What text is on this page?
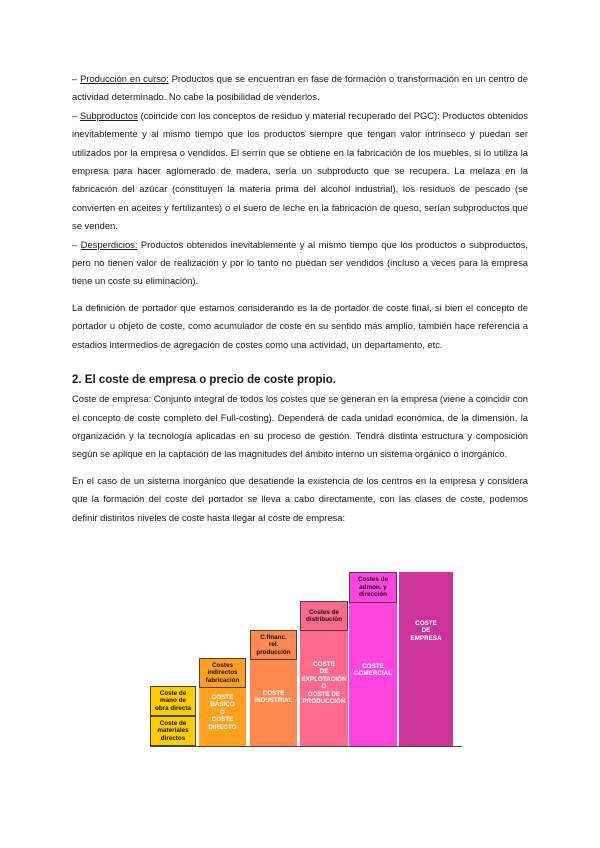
– Producción en curso: Productos que se encuentran en fase de formación o transformación en un centro de actividad determinado. No cabe la posibilidad de venderlos.

– Subproductos (coincide con los conceptos de residuo y material recuperado del PGC): Productos obtenidos inevitablemente y al mismo tiempo que los productos siempre que tengan valor intrínseco y puedan ser utilizados por la empresa o vendidos. El serrín que se obtiene en la fabricación de los muebles, si lo utiliza la empresa para hacer aglomerado de madera, sería un subproducto que se recupera. La melaza en la fabricación del azúcar (constituyen la materia prima del alcohol industrial), los residuos de pescado (se convierten en aceites y fertilizantes) o el suero de leche en la fabricación de queso, serían subproductos que se venden.

– Desperdicios: Productos obtenidos inevitablemente y al mismo tiempo que los productos o subproductos, pero no tienen valor de realización y por lo tanto no puedan ser vendidos (incluso a veces para la empresa tiene un coste su eliminación).

La definición de portador que estamos considerando es la de portador de coste final, si bien el concepto de portador u objeto de coste, como acumulador de coste en su sentido más amplio, también hace referencia a estadios intermedios de agregación de costes como una actividad, un departamento, etc.

2. El coste de empresa o precio de coste propio.

Coste de empresa: Conjunto integral de todos los costes que se generan en la empresa (viene a coincidir con el concepto de coste completo del Full-costing). Dependerá de cada unidad económica, de la dimensión, la organización y la tecnología aplicadas en su proceso de gestión. Tendrá distinta estructura y composición según se aplique en la captación de las magnitudes del ámbito interno un sistema orgánico o inorgánico.

En el caso de un sistema inorgánico que desatiende la existencia de los centros en la empresa y considera que la formación del coste del portador se lleva a cabo directamente, con las clases de coste, podemos definir distintos niveles de coste hasta llegar al coste de empresa:

Coste de
mano de
obra directa
Coste de
materiales
directos
Costes
indirectos
fabricación
COSTE
BÁSICO
O
COSTE
DIRECTO
C.financ.
rel.
producción
COSTE
INDUSTRIAL
Costes de
distribución
COSTE
DE
EXPLOTACIÓN
O
COSTE DE
PRODUCCIÓN
Costes de
admon. y
dirección
COSTE
COMERCIAL
COSTE
DE
EMPRESA
